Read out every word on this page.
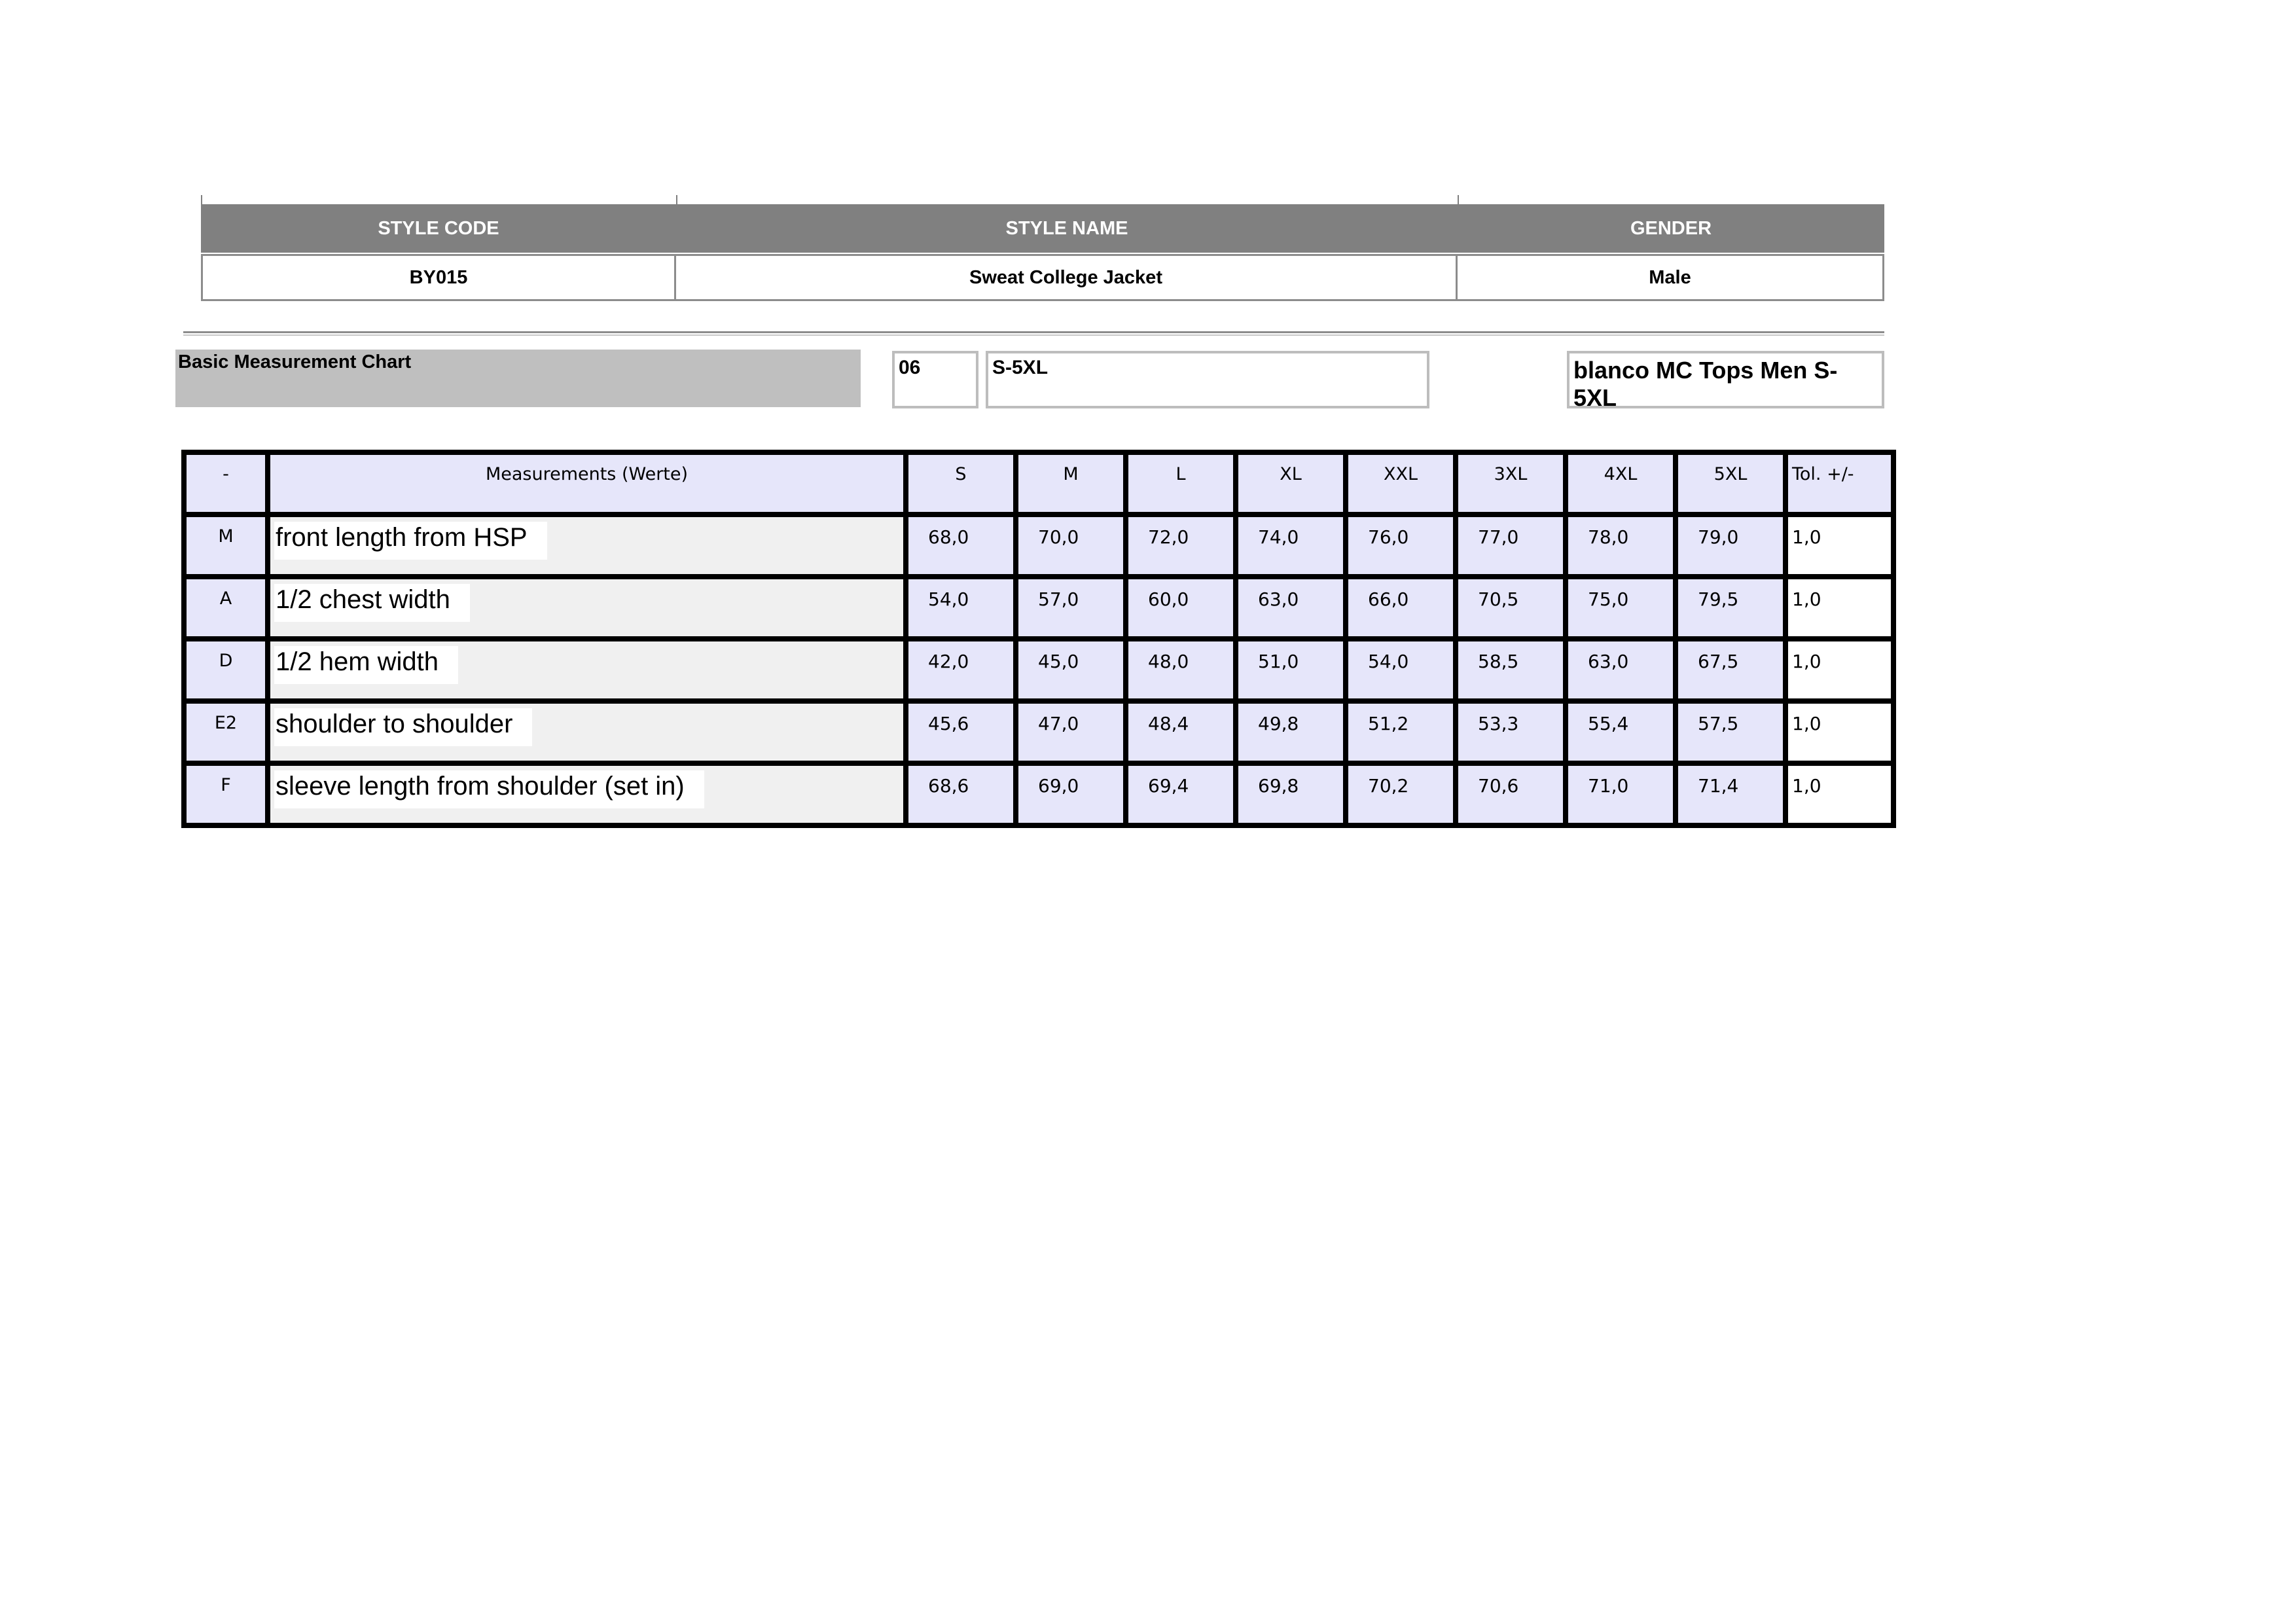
STYLE CODE	STYLE NAME	GENDER
BY015	Sweat College Jacket	Male
Basic Measurement Chart	06	S-5XL	blanco MC Tops Men S-5XL
-	Measurements (Werte)	S	M	L	XL	XXL	3XL	4XL	5XL	Tol. +/-
M	front length from HSP	68,0	70,0	72,0	74,0	76,0	77,0	78,0	79,0	1,0
A	1/2 chest width	54,0	57,0	60,0	63,0	66,0	70,5	75,0	79,5	1,0
D	1/2 hem width	42,0	45,0	48,0	51,0	54,0	58,5	63,0	67,5	1,0
E2	shoulder to shoulder	45,6	47,0	48,4	49,8	51,2	53,3	55,4	57,5	1,0
F	sleeve length from shoulder (set in)	68,6	69,0	69,4	69,8	70,2	70,6	71,0	71,4	1,0
